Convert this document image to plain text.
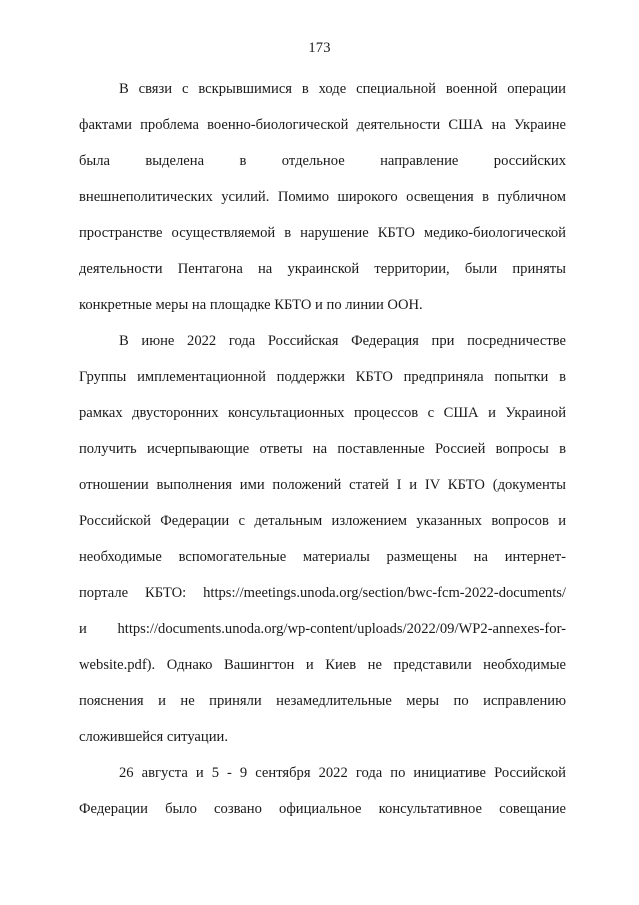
173
В связи с вскрывшимися в ходе специальной военной операции
фактами проблема военно-биологической деятельности США на Украине
была выделена в отдельное направление российских
внешнеполитических усилий. Помимо широкого освещения в публичном
пространстве осуществляемой в нарушение КБТО медико-биологической
деятельности Пентагона на украинской территории, были приняты
конкретные меры на площадке КБТО и по линии ООН.
В июне 2022 года Российская Федерация при посредничестве
Группы имплементационной поддержки КБТО предприняла попытки в
рамках двусторонних консультационных процессов с США и Украиной
получить исчерпывающие ответы на поставленные Россией вопросы в
отношении выполнения ими положений статей I и IV КБТО (документы
Российской Федерации с детальным изложением указанных вопросов и
необходимые вспомогательные материалы размещены на интернет-
портале КБТО: https://meetings.unoda.org/section/bwc-fcm-2022-documents/
и https://documents.unoda.org/wp-content/uploads/2022/09/WP2-annexes-for-
website.pdf). Однако Вашингтон и Киев не представили необходимые
пояснения и не приняли незамедлительные меры по исправлению
сложившейся ситуации.
26 августа и 5 - 9 сентября 2022 года по инициативе Российской
Федерации было созвано официальное консультативное совещание
